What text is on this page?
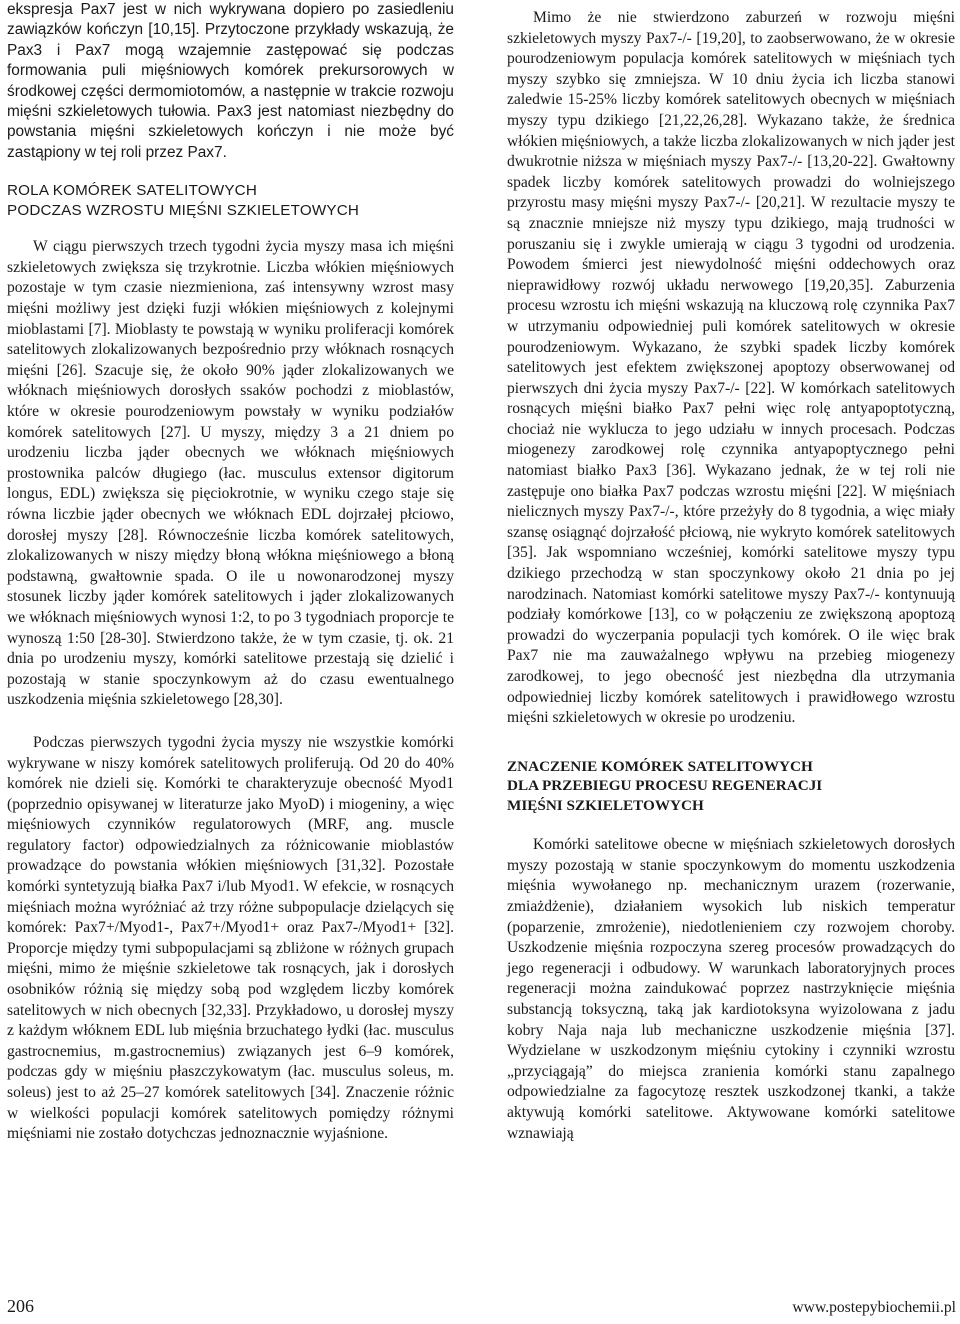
ekspresja Pax7 jest w nich wykrywana dopiero po zasiedleniu zawiązków kończyn [10,15]. Przytoczone przykłady wskazują, że Pax3 i Pax7 mogą wzajemnie zastępować się podczas formowania puli mięśniowych komórek prekursorowych w środkowej części dermomiotomów, a następnie w trakcie rozwoju mięśni szkieletowych tułowia. Pax3 jest natomiast niezbędny do powstania mięśni szkieletowych kończyn i nie może być zastąpiony w tej roli przez Pax7.

ROLA KOMÓREK SATELITOWYCH
PODCZAS WZROSTU MIĘŚNI SZKIELETOWYCH

W ciągu pierwszych trzech tygodni życia myszy masa ich mięśni szkieletowych zwiększa się trzykrotnie. Liczba włókien mięśniowych pozostaje w tym czasie niezmieniona, zaś intensywny wzrost masy mięśni możliwy jest dzięki fuzji włókien mięśniowych z kolejnymi mioblastami [7]. Mioblasty te powstają w wyniku proliferacji komórek satelitowych zlokalizowanych bezpośrednio przy włóknach rosnących mięśni [26]. Szacuje się, że około 90% jąder zlokalizowanych we włóknach mięśniowych dorosłych ssaków pochodzi z mioblastów, które w okresie pourodzeniowym powstały w wyniku podziałów komórek satelitowych [27]. U myszy, między 3 a 21 dniem po urodzeniu liczba jąder obecnych we włóknach mięśniowych prostownika palców długiego (łac. musculus extensor digitorum longus, EDL) zwiększa się pięciokrotnie, w wyniku czego staje się równa liczbie jąder obecnych we włóknach EDL dojrzałej płciowo, dorosłej myszy [28]. Równocześnie liczba komórek satelitowych, zlokalizowanych w niszy między błoną włókna mięśniowego a błoną podstawną, gwałtownie spada. O ile u nowonarodzonej myszy stosunek liczby jąder komórek satelitowych i jąder zlokalizowanych we włóknach mięśniowych wynosi 1:2, to po 3 tygodniach proporcje te wynoszą 1:50 [28-30]. Stwierdzono także, że w tym czasie, tj. ok. 21 dnia po urodzeniu myszy, komórki satelitowe przestają się dzielić i pozostają w stanie spoczynkowym aż do czasu ewentualnego uszkodzenia mięśnia szkieletowego [28,30].

Podczas pierwszych tygodni życia myszy nie wszystkie komórki wykrywane w niszy komórek satelitowych proliferują. Od 20 do 40% komórek nie dzieli się. Komórki te charakteryzuje obecność Myod1 (poprzednio opisywanej w literaturze jako MyoD) i miogeniny, a więc mięśniowych czynników regulatorowych (MRF, ang. muscle regulatory factor) odpowiedzialnych za różnicowanie mioblastów prowadzące do powstania włókien mięśniowych [31,32]. Pozostałe komórki syntetyzują białka Pax7 i/lub Myod1. W efekcie, w rosnących mięśniach można wyróżniać aż trzy różne subpopulacje dzielących się komórek: Pax7+/Myod1-, Pax7+/Myod1+ oraz Pax7-/Myod1+ [32]. Proporcje między tymi subpopulacjami są zbliżone w różnych grupach mięśni, mimo że mięśnie szkieletowe tak rosnących, jak i dorosłych osobników różnią się między sobą pod względem liczby komórek satelitowych w nich obecnych [32,33]. Przykładowo, u dorosłej myszy z każdym włóknem EDL lub mięśnia brzuchatego łydki (łac. musculus gastrocnemius, m.gastrocnemius) związanych jest 6–9 komórek, podczas gdy w mięśniu płaszczykowatym (łac. musculus soleus, m. soleus) jest to aż 25–27 komórek satelitowych [34]. Znaczenie różnic w wielkości populacji komórek satelitowych pomiędzy różnymi mięśniami nie zostało dotychczas jednoznacznie wyjaśnione.

Mimo że nie stwierdzono zaburzeń w rozwoju mięśni szkieletowych myszy Pax7-/- [19,20], to zaobserwowano, że w okresie pourodzeniowym populacja komórek satelitowych w mięśniach tych myszy szybko się zmniejsza. W 10 dniu życia ich liczba stanowi zaledwie 15-25% liczby komórek satelitowych obecnych w mięśniach myszy typu dzikiego [21,22,26,28]. Wykazano także, że średnica włókien mięśniowych, a także liczba zlokalizowanych w nich jąder jest dwukrotnie niższa w mięśniach myszy Pax7-/- [13,20-22]. Gwałtowny spadek liczby komórek satelitowych prowadzi do wolniejszego przyrostu masy mięśni myszy Pax7-/- [20,21]. W rezultacie myszy te są znacznie mniejsze niż myszy typu dzikiego, mają trudności w poruszaniu się i zwykle umierają w ciągu 3 tygodni od urodzenia. Powodem śmierci jest niewydolność mięśni oddechowych oraz nieprawidłowy rozwój układu nerwowego [19,20,35]. Zaburzenia procesu wzrostu ich mięśni wskazują na kluczową rolę czynnika Pax7 w utrzymaniu odpowiedniej puli komórek satelitowych w okresie pourodzeniowym. Wykazano, że szybki spadek liczby komórek satelitowych jest efektem zwiększonej apoptozy obserwowanej od pierwszych dni życia myszy Pax7-/- [22]. W komórkach satelitowych rosnących mięśni białko Pax7 pełni więc rolę antyapoptotyczną, chociaż nie wyklucza to jego udziału w innych procesach. Podczas miogenezy zarodkowej rolę czynnika antyapoptycznego pełni natomiast białko Pax3 [36]. Wykazano jednak, że w tej roli nie zastępuje ono białka Pax7 podczas wzrostu mięśni [22]. W mięśniach nielicznych myszy Pax7-/-, które przeżyły do 8 tygodnia, a więc miały szansę osiągnąć dojrzałość płciową, nie wykryto komórek satelitowych [35]. Jak wspomniano wcześniej, komórki satelitowe myszy typu dzikiego przechodzą w stan spoczynkowy około 21 dnia po jej narodzinach. Natomiast komórki satelitowe myszy Pax7-/- kontynuują podziały komórkowe [13], co w połączeniu ze zwiększoną apoptozą prowadzi do wyczerpania populacji tych komórek. O ile więc brak Pax7 nie ma zauważalnego wpływu na przebieg miogenezy zarodkowej, to jego obecność jest niezbędna dla utrzymania odpowiedniej liczby komórek satelitowych i prawidłowego wzrostu mięśni szkieletowych w okresie po urodzeniu.

ZNACZENIE KOMÓREK SATELITOWYCH
DLA PRZEBIEGU PROCESU REGENERACJI
MIĘŚNI SZKIELETOWYCH

Komórki satelitowe obecne w mięśniach szkieletowych dorosłych myszy pozostają w stanie spoczynkowym do momentu uszkodzenia mięśnia wywołanego np. mechanicznym urazem (rozerwanie, zmiażdżenie), działaniem wysokich lub niskich temperatur (poparzenie, zmrożenie), niedotlenieniem czy rozwojem choroby. Uszkodzenie mięśnia rozpoczyna szereg procesów prowadzących do jego regeneracji i odbudowy. W warunkach laboratoryjnych proces regeneracji można zaindukować poprzez nastrzyknięcie mięśnia substancją toksyczną, taką jak kardiotoksyna wyizolowana z jadu kobry Naja naja lub mechaniczne uszkodzenie mięśnia [37]. Wydzielane w uszkodzonym mięśniu cytokiny i czynniki wzrostu „przyciągają” do miejsca zranienia komórki stanu zapalnego odpowiedzialne za fagocytozę resztek uszkodzonej tkanki, a także aktywują komórki satelitowe. Aktywowane komórki satelitowe wznawiają

206	www.postepybiochemii.pl
